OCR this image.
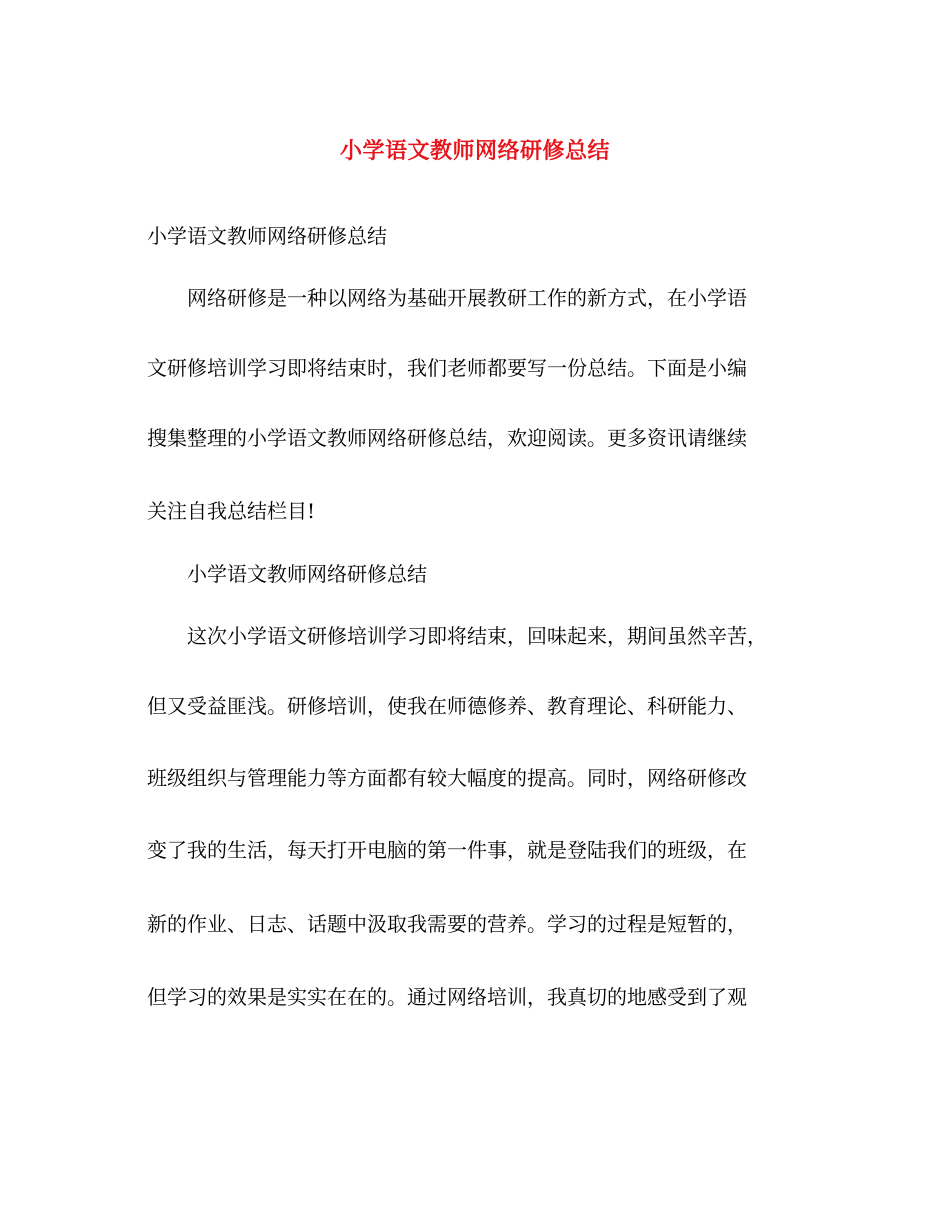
小学语文教师网络研修总结
小学语文教师网络研修总结
网络研修是一种以网络为基础开展教研工作的新方式，在小学语
文研修培训学习即将结束时，我们老师都要写一份总结。下面是小编
搜集整理的小学语文教师网络研修总结，欢迎阅读。更多资讯请继续
关注自我总结栏目!
小学语文教师网络研修总结
这次小学语文研修培训学习即将结束，回味起来，期间虽然辛苦，
但又受益匪浅。研修培训，使我在师德修养、教育理论、科研能力、
班级组织与管理能力等方面都有较大幅度的提高。同时，网络研修改
变了我的生活，每天打开电脑的第一件事，就是登陆我们的班级，在
新的作业、日志、话题中汲取我需要的营养。学习的过程是短暂的，
但学习的效果是实实在在的。通过网络培训，我真切的地感受到了观
